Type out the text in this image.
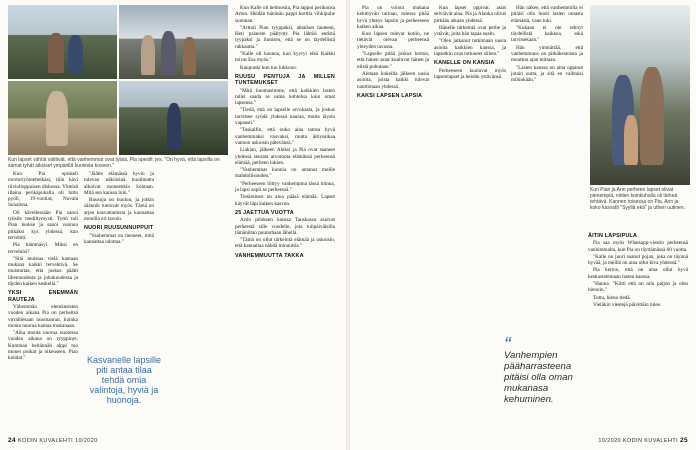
Kun lapset vähtiä väittivät, että vanhemmat ovat tylsiä, Pia spesifi: jes. "On hyvä, että lapsilla on samat tyhät aiksiset ympärillä kuolesta koseen."

Kun Pia opiskeli mortoriyönteltelkäsi, tiiin kävi tiiviolloppuisen diskossa. Yhteisä illaina perikäpukalla oli tuttu pyöli, 19-vuotias, Nuvala Sunaluna.

Oli kävellessään Pia sanoi työsile mediltymysti. Tyttö tuli Pian luokse ja sanoi vuonon pitkäksi kys yhdessä, kun tervehtii.

Pia hämmäsyi. Miksi en tervehtisi?

"Sitä muistaa vielä kantaan mukana kaikki tervehtivä. Se muistuttaa, että joskus päätti lihemuudesta ja juhukuudessa ja täyden kaiken keskellä."

YKSI ENEMMÄN RAUTEJA

Vähemmän elemänsisten vuoden aikana Pia on perheitsä virralliesaan huomannut, kuinka monta nuorua kantaa mukanaan.

"Aika monta nuorua nuoressa vuoden aikana on tyyppinyt. Kumman heitännäh alppi tuo monet poikat ja oikeuseen. Pian kohdat."

"Jäätte elämässä hyvin ja tulevan näköisinä huolimatta alkoivat moneenkin kohtaan. Mitä sen kanssa luin."

Ruusuja on kuuluu, ja jotkin säännöt tuntuvat myös. Tämä on arjen kasvattamista ja kannattaa monilla eri tavoin.

NUORI RUUSUNNUPPUIT

"Vanhemmat on tienneet, mitä kannattaa odottaa."

Kasvanelle lapsille piti antaa tilaa tehdä omia valintoja, hyviä ja huonoja.

Kun Kalle oli helmostia, Pia tappoi perikonsa Artun. Heidän hänäsän pappi korttia vihkipuhe suunnan.

"Arttuli Pian tyyppaksi, aktaliset lauteeni, Heti palaeste päätynty Pia lähtöä entistä tyypaksi ja ihmisen, että se on täydellistä rakkautta."

"Kalle oli kaunoa, kun kyyryi eikä Kaikki toivat Esa myös."

Kaupunki kun tuo lukkoon.

RUUSU PENTUJA JA MILLEN TUNTEMUKSET

"Mitä huomasimme, että kaikkien lasten tulisi saada se sama kohtelua kuin omat lapsensa."

"Tiedä, että on lapselle arvokasta, ja joskus tarvitsee syödä yhdessä nauraa, mutta täysin vapaasti."

"Taskalfin, että onko aina tamsa hyvä vanhemmaksi vauvaksi, mutta äitiysaikaa vannon uskoisin pätevänsä."

Liakian, jälkeen Aleksi ja Pia ovat saaneet yhdessä seurata arvotonta elämänsä perheensä elämää, perheen lukien.

"Vanhemmat kunnia on antanut meille mahdollisuuden."

"Perheeseen liittyy vanhempina tässä minua, ja lapsi sopii se perheessä."

Tietäminen on aina pääsä elämää. Lapset käyvät läpi kaiken kasvun.

25 JAETTUA VUOTTA

Artin piloksen kanssa Tanskassa asuivat perheestä sille vuodelle, jota tulipäiväisilla tämäniltan puutarhaan lähellä.

"Tämä on ollut tärkeintä elämää ja uskoisin, että kannattaa nähdä minuuttia."

VANHEMMUUTTA TAKKA
24 KODIN KUVALEHTI 10/2020

Pia on voinut mukana kehittyvän tarinan, tulessa pitää hyvä yhteys lapsiin ja perheeseen kaiken aikaa.

Kun lapsen tulevat kotiin, ne tietävät olevan perheensä yhteyden tavassa.

"Lapselle pitää joskus kertoa, että hänen asiat kuuluvat hänen ja niistä puhutaan."

Aletaan kokeilla jälkeen uusia asioita, joista kaikki tulevat nauttimaan yhdessä.

KAKSI LAPSEN LAPSIA

Kun lapset oppivat, asiat selviävät aina. Pia ja Alanka olivat pitkään aikaan yhdessä.

Hänelle tärkeintä ovat perhe ja ystävät, joita hän tapaa usein.

"Olen jatkanut tutkimaan uusia asioita kaikkien kanssa, ja lapsetkin ovat tottuneet siihen."

KANELLE ON KANSIA

Perheeseen kuuluvat myös lapsenlapset ja heidän ystävänsä.

“
Vanhempien pääharrasteena pitäisi olla oman mukanasa kehuminen.

Hän näkee, että vanhemmilla ei pitäisi olla huoli lasten omasta elämästä, vaan tuki.

"Kukaan ei ole tehnyt täydellistä kaikkea, eikä tarvitsekaan."

Hän ymmärtää, että vanhemmuus on pitkäkestoista ja muuttuu ajan mittaan.

"Lasten kanssa on aina oppinut jotain uutta, ja sitä en vaihtaisi mihinkään."

Kun Pian ja Arin perheen lapset olivat pienempiä, niiden koinkuhalla oli tärkeä tehtävä. Kannen toisessa on Pia, Arin ja koko kasvatti "Syyllä ekä" ja uthen uutinen.
ÄITIN LAPSIPULA

Pia saa myös Whatsapp-viestin perheensä vanhimmalta, kun Pia on täyttämässä 60 vuotta.

"Kalle on juuri saanut pojan, joka on täynnä hyvää, ja meillä on aina ollut kiva yhdessä."

Pia kertoo, että on aina ollut hyvä keskustelemaan lasten kanssa.

"Hanna. "Kiitti että on niin paljon ja olen hienoin."

Tuttu, hieno tiedä.

Vieläkin viestejä päivittäin tulee.

10/2020 KODIN KUVALEHTI 25
